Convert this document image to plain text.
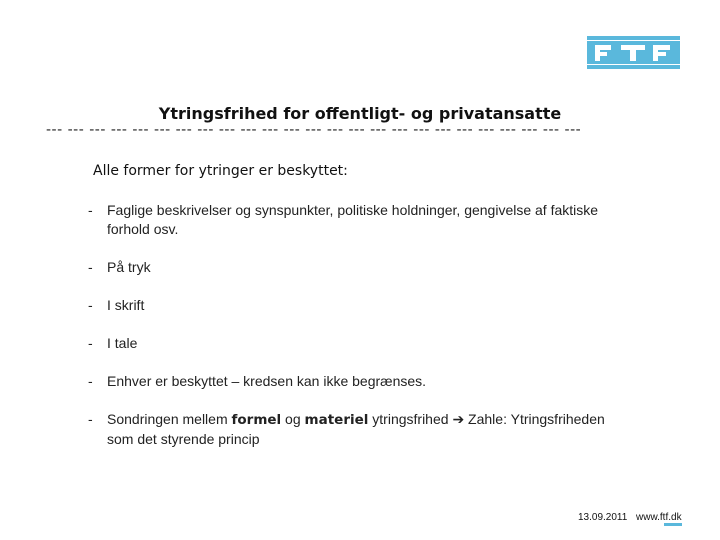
Ytringsfrihed for offentligt- og privatansatte
--- --- --- --- --- --- --- --- --- --- --- --- --- --- --- --- --- --- --- --- --- --- --- --- ---
Alle former for ytringer er beskyttet:
- Faglige beskrivelser og synspunkter, politiske holdninger, gengivelse af faktiske forhold osv.
- På tryk
- I skrift
- I tale
- Enhver er beskyttet – kredsen kan ikke begrænses.
- Sondringen mellem formel og materiel ytringsfrihed ➔ Zahle: Ytringsfriheden som det styrende princip
13.09.2011 www.ftf.dk
